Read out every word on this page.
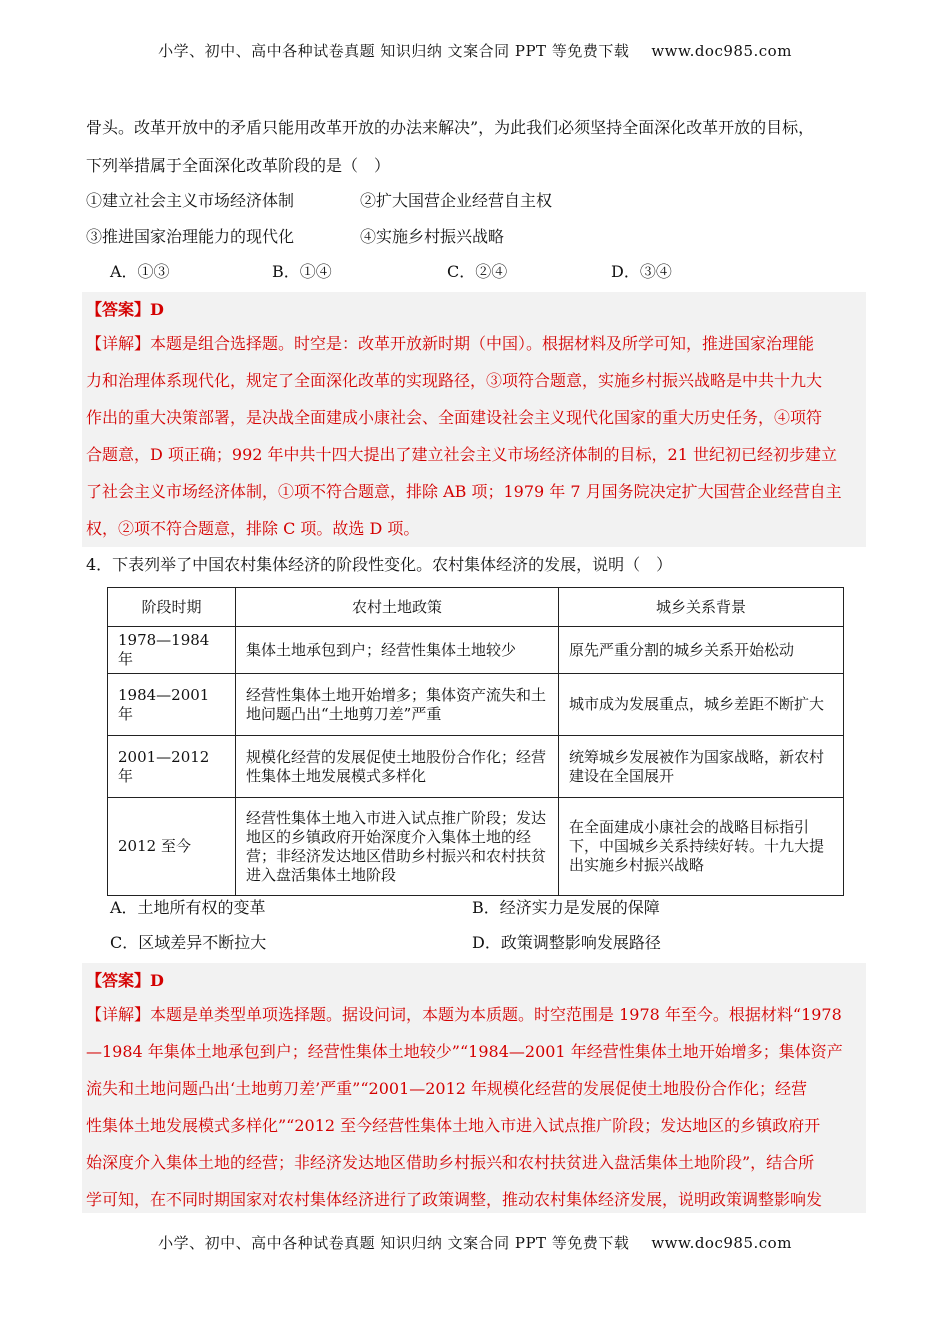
小学、初中、高中各种试卷真题 知识归纳 文案合同 PPT 等免费下载 www.doc985.com
骨头。改革开放中的矛盾只能用改革开放的办法来解决”，为此我们必须坚持全面深化改革开放的目标，
下列举措属于全面深化改革阶段的是（　）
①建立社会主义市场经济体制	②扩大国营企业经营自主权
③推进国家治理能力的现代化	④实施乡村振兴战略
A．①③	B．①④	C．②④	D．③④
【答案】D
【详解】本题是组合选择题。时空是：改革开放新时期（中国）。根据材料及所学可知，推进国家治理能
力和治理体系现代化，规定了全面深化改革的实现路径，③项符合题意，实施乡村振兴战略是中共十九大
作出的重大决策部署，是决战全面建成小康社会、全面建设社会主义现代化国家的重大历史任务，④项符
合题意，D 项正确；992 年中共十四大提出了建立社会主义市场经济体制的目标，21 世纪初已经初步建立
了社会主义市场经济体制，①项不符合题意，排除 AB 项；1979 年 7 月国务院决定扩大国营企业经营自主
权，②项不符合题意，排除 C 项。故选 D 项。
4．下表列举了中国农村集体经济的阶段性变化。农村集体经济的发展，说明（　）
阶段时期	农村土地政策	城乡关系背景
1978—1984 年	集体土地承包到户；经营性集体土地较少	原先严重分割的城乡关系开始松动
1984—2001 年	经营性集体土地开始增多；集体资产流失和土地问题凸出“土地剪刀差”严重	城市成为发展重点，城乡差距不断扩大
2001—2012 年	规模化经营的发展促使土地股份合作化；经营性集体土地发展模式多样化	统筹城乡发展被作为国家战略，新农村建设在全国展开
2012 至今	经营性集体土地入市进入试点推广阶段；发达地区的乡镇政府开始深度介入集体土地的经营；非经济发达地区借助乡村振兴和农村扶贫进入盘活集体土地阶段	在全面建成小康社会的战略目标指引下，中国城乡关系持续好转。十九大提出实施乡村振兴战略
A．土地所有权的变革	B．经济实力是发展的保障
C．区域差异不断拉大	D．政策调整影响发展路径
【答案】D
【详解】本题是单类型单项选择题。据设问词，本题为本质题。时空范围是 1978 年至今。根据材料“1978
—1984 年集体土地承包到户；经营性集体土地较少”“1984—2001 年经营性集体土地开始增多；集体资产
流失和土地问题凸出‘土地剪刀差’严重”“2001—2012 年规模化经营的发展促使土地股份合作化；经营
性集体土地发展模式多样化”“2012 至今经营性集体土地入市进入试点推广阶段；发达地区的乡镇政府开
始深度介入集体土地的经营；非经济发达地区借助乡村振兴和农村扶贫进入盘活集体土地阶段”，结合所
学可知，在不同时期国家对农村集体经济进行了政策调整，推动农村集体经济发展，说明政策调整影响发
小学、初中、高中各种试卷真题 知识归纳 文案合同 PPT 等免费下载 www.doc985.com
